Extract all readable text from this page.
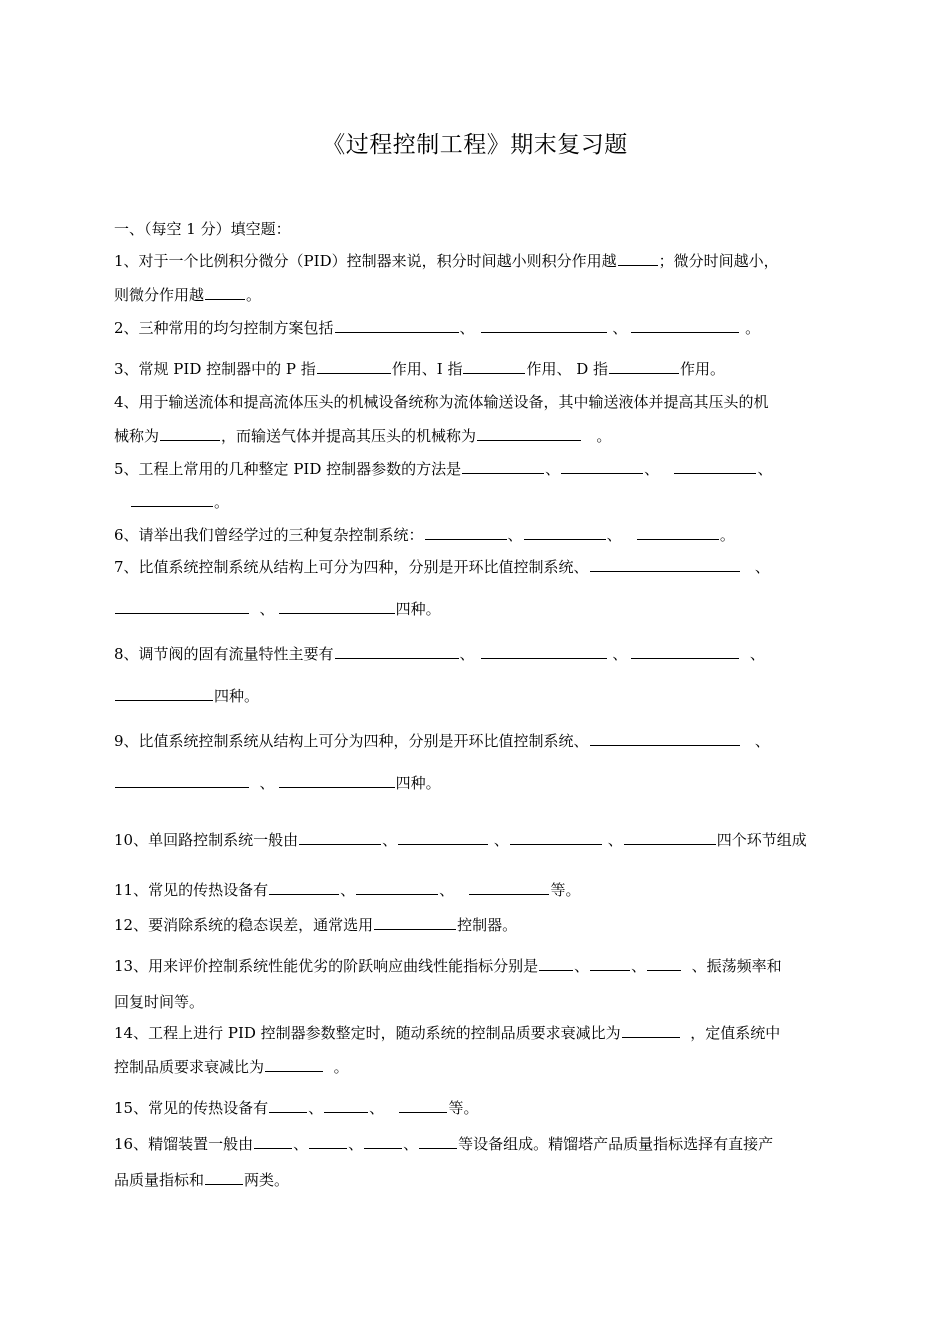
《过程控制工程》期末复习题
一、（每空 1 分）填空题：
1、对于一个比例积分微分（PID）控制器来说，积分时间越小则积分作用越	；微分时间越小，
则微分作用越	。
2、三种常用的均匀控制方案包括	、	、	。
3、常规 PID 控制器中的 P 指	作用、I 指	作用、 D 指	作用。
4、用于输送流体和提高流体压头的机械设备统称为流体输送设备，其中输送液体并提高其压头的机
械称为	，而输送气体并提高其压头的机械称为	。
5、工程上常用的几种整定 PID 控制器参数的方法是	、	、	、
。
6、请举出我们曾经学过的三种复杂控制系统：	、	、	。
7、比值系统控制系统从结构上可分为四种，分别是开环比值控制系统、	、
、	四种。
8、调节阀的固有流量特性主要有	、	、	、
四种。
9、比值系统控制系统从结构上可分为四种，分别是开环比值控制系统、	、
、	四种。
10、单回路控制系统一般由	、	、	、	四个环节组成
11、常见的传热设备有	、	、	等。
12、要消除系统的稳态误差，通常选用	控制器。
13、用来评价控制系统性能优劣的阶跃响应曲线性能指标分别是 、	、	、振荡频率和
回复时间等。
14、工程上进行 PID 控制器参数整定时，随动系统的控制品质要求衰减比为	，定值系统中
控制品质要求衰减比为	。
15、常见的传热设备有	、	、	等。
16、精馏装置一般由	、	、	、	等设备组成。精馏塔产品质量指标选择有直接产
品质量指标和	两类。
